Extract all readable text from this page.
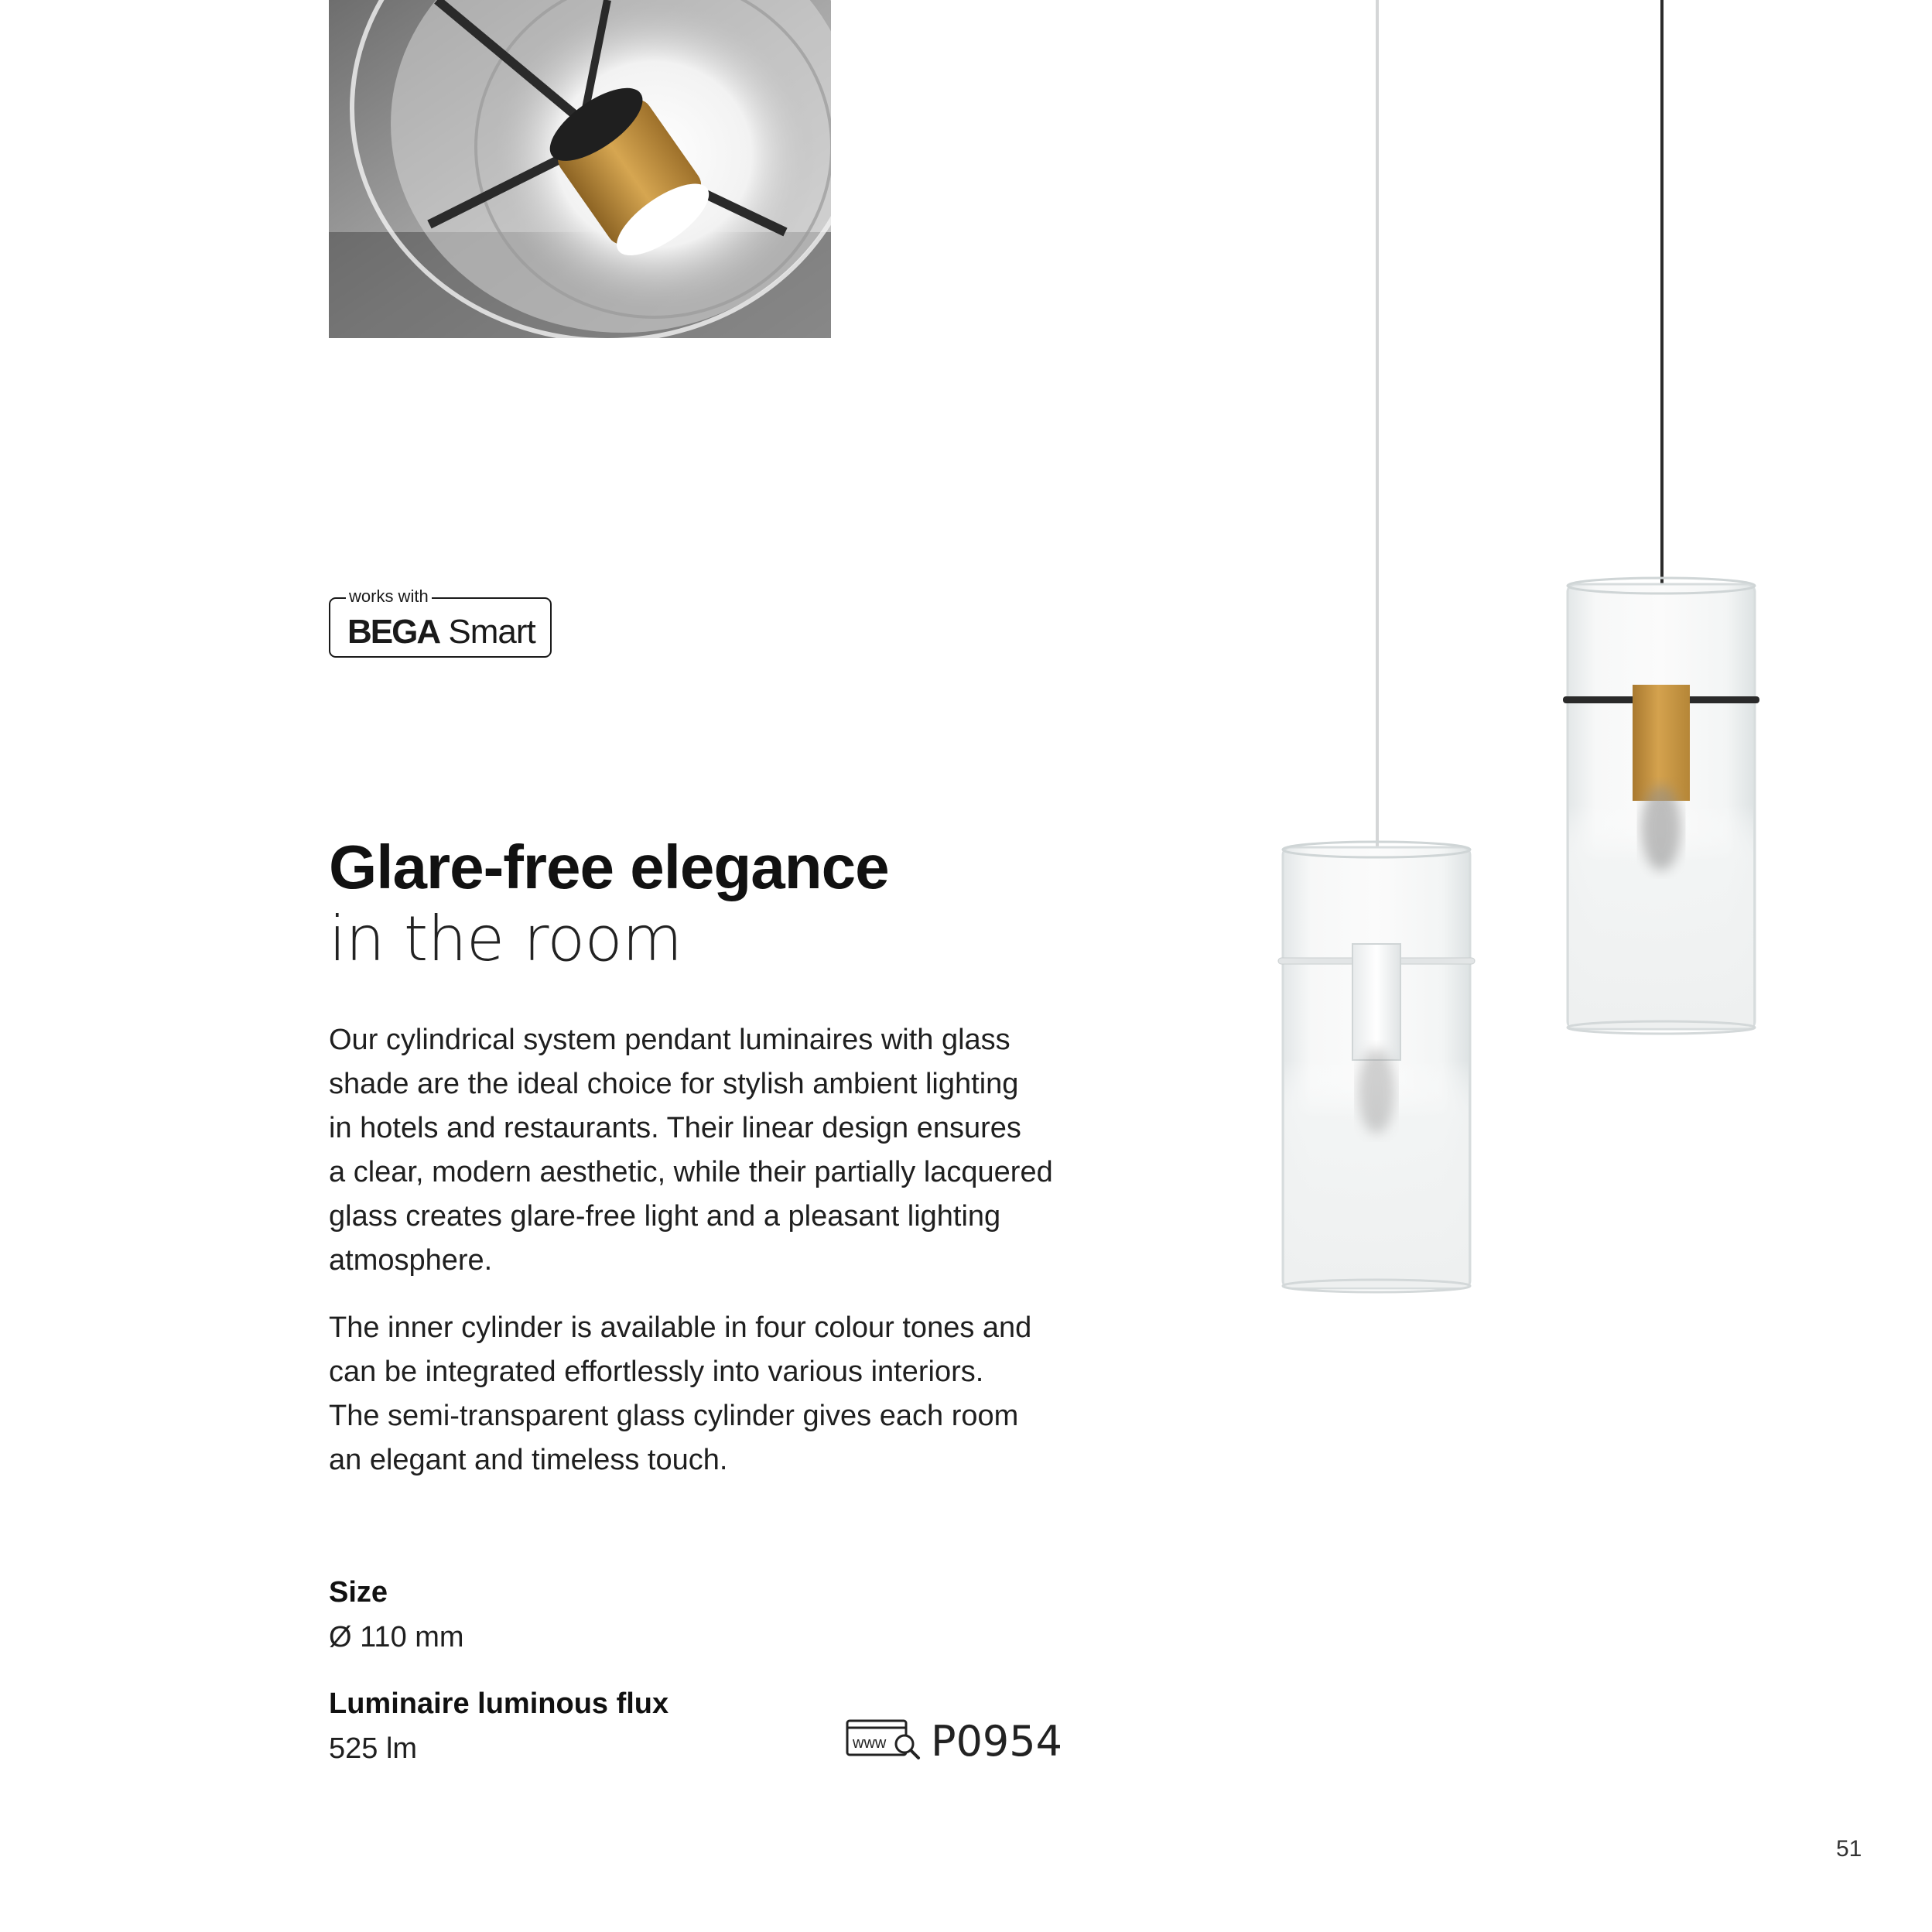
works with
BEGA Smart
Glare-free elegance
in the room
Our cylindrical system pendant luminaires with glass
shade are the ideal choice for stylish ambient lighting
in hotels and restaurants. Their linear design ensures
a clear, modern aesthetic, while their partially lacquered
glass creates glare-free light and a pleasant lighting
atmosphere.
The inner cylinder is available in four colour tones and
can be integrated effortlessly into various interiors.
The semi-transparent glass cylinder gives each room
an elegant and timeless touch.
Size
Ø 110 mm
Luminaire luminous flux
525 lm	www P0954
51
